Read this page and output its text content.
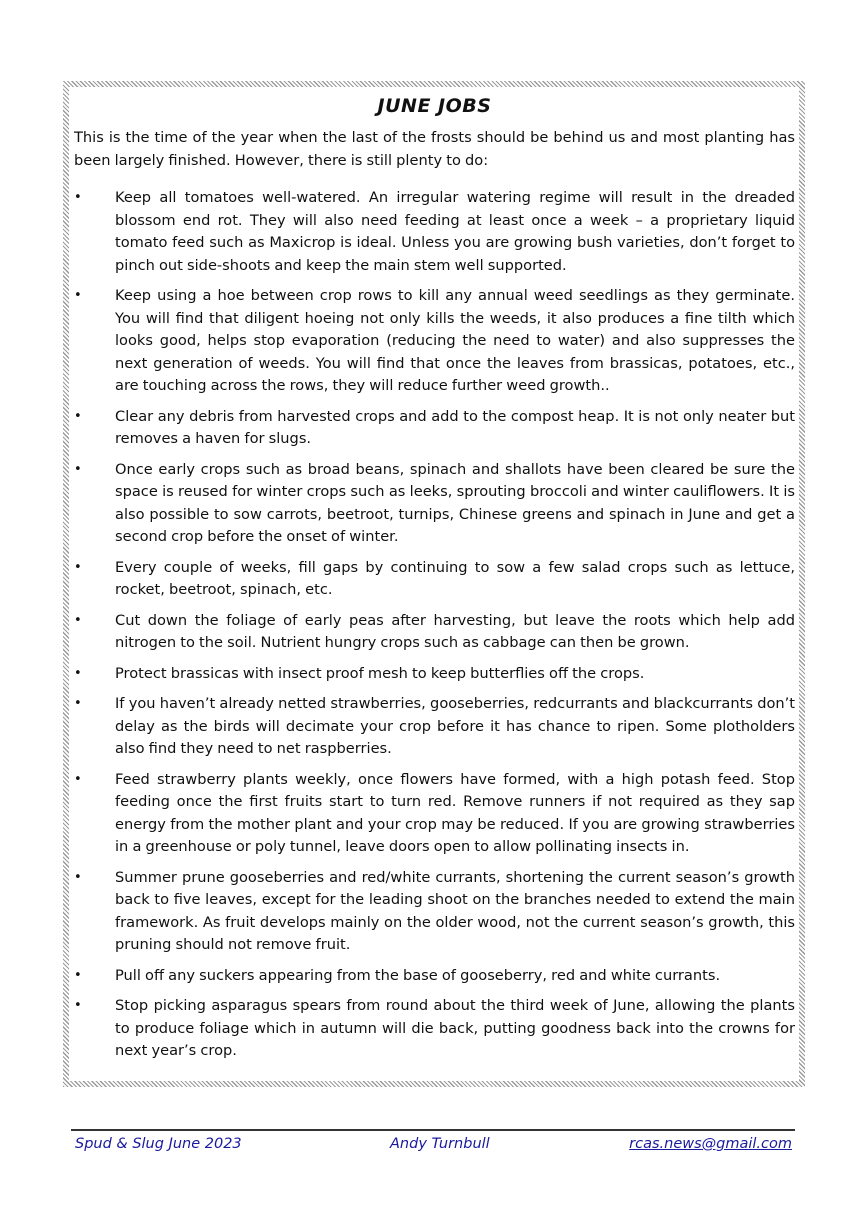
JUNE JOBS

This is the time of the year when the last of the frosts should be behind us and most planting has been largely finished. However, there is still plenty to do:

• Keep all tomatoes well-watered. An irregular watering regime will result in the dreaded blossom end rot. They will also need feeding at least once a week – a proprietary liquid tomato feed such as Maxicrop is ideal. Unless you are growing bush varieties, don’t forget to pinch out side-shoots and keep the main stem well supported.
• Keep using a hoe between crop rows to kill any annual weed seedlings as they germinate. You will find that diligent hoeing not only kills the weeds, it also produces a fine tilth which looks good, helps stop evaporation (reducing the need to water) and also suppresses the next generation of weeds. You will find that once the leaves from brassicas, potatoes, etc., are touching across the rows, they will reduce further weed growth..
• Clear any debris from harvested crops and add to the compost heap. It is not only neater but removes a haven for slugs.
• Once early crops such as broad beans, spinach and shallots have been cleared be sure the space is reused for winter crops such as leeks, sprouting broccoli and winter cauliflowers. It is also possible to sow carrots, beetroot, turnips, Chinese greens and spinach in June and get a second crop before the onset of winter.
• Every couple of weeks, fill gaps by continuing to sow a few salad crops such as lettuce, rocket, beetroot, spinach, etc.
• Cut down the foliage of early peas after harvesting, but leave the roots which help add nitrogen to the soil. Nutrient hungry crops such as cabbage can then be grown.
• Protect brassicas with insect proof mesh to keep butterflies off the crops.
• If you haven’t already netted strawberries, gooseberries, redcurrants and blackcurrants don’t delay as the birds will decimate your crop before it has chance to ripen. Some plotholders also find they need to net raspberries.
• Feed strawberry plants weekly, once flowers have formed, with a high potash feed. Stop feeding once the first fruits start to turn red. Remove runners if not required as they sap energy from the mother plant and your crop may be reduced. If you are growing strawberries in a greenhouse or poly tunnel, leave doors open to allow pollinating insects in.
• Summer prune gooseberries and red/white currants, shortening the current season’s growth back to five leaves, except for the leading shoot on the branches needed to extend the main framework. As fruit develops mainly on the older wood, not the current season’s growth, this pruning should not remove fruit.
• Pull off any suckers appearing from the base of gooseberry, red and white currants.
• Stop picking asparagus spears from round about the third week of June, allowing the plants to produce foliage which in autumn will die back, putting goodness back into the crowns for next year’s crop.
Spud & Slug June 2023	Andy Turnbull	rcas.news@gmail.com
